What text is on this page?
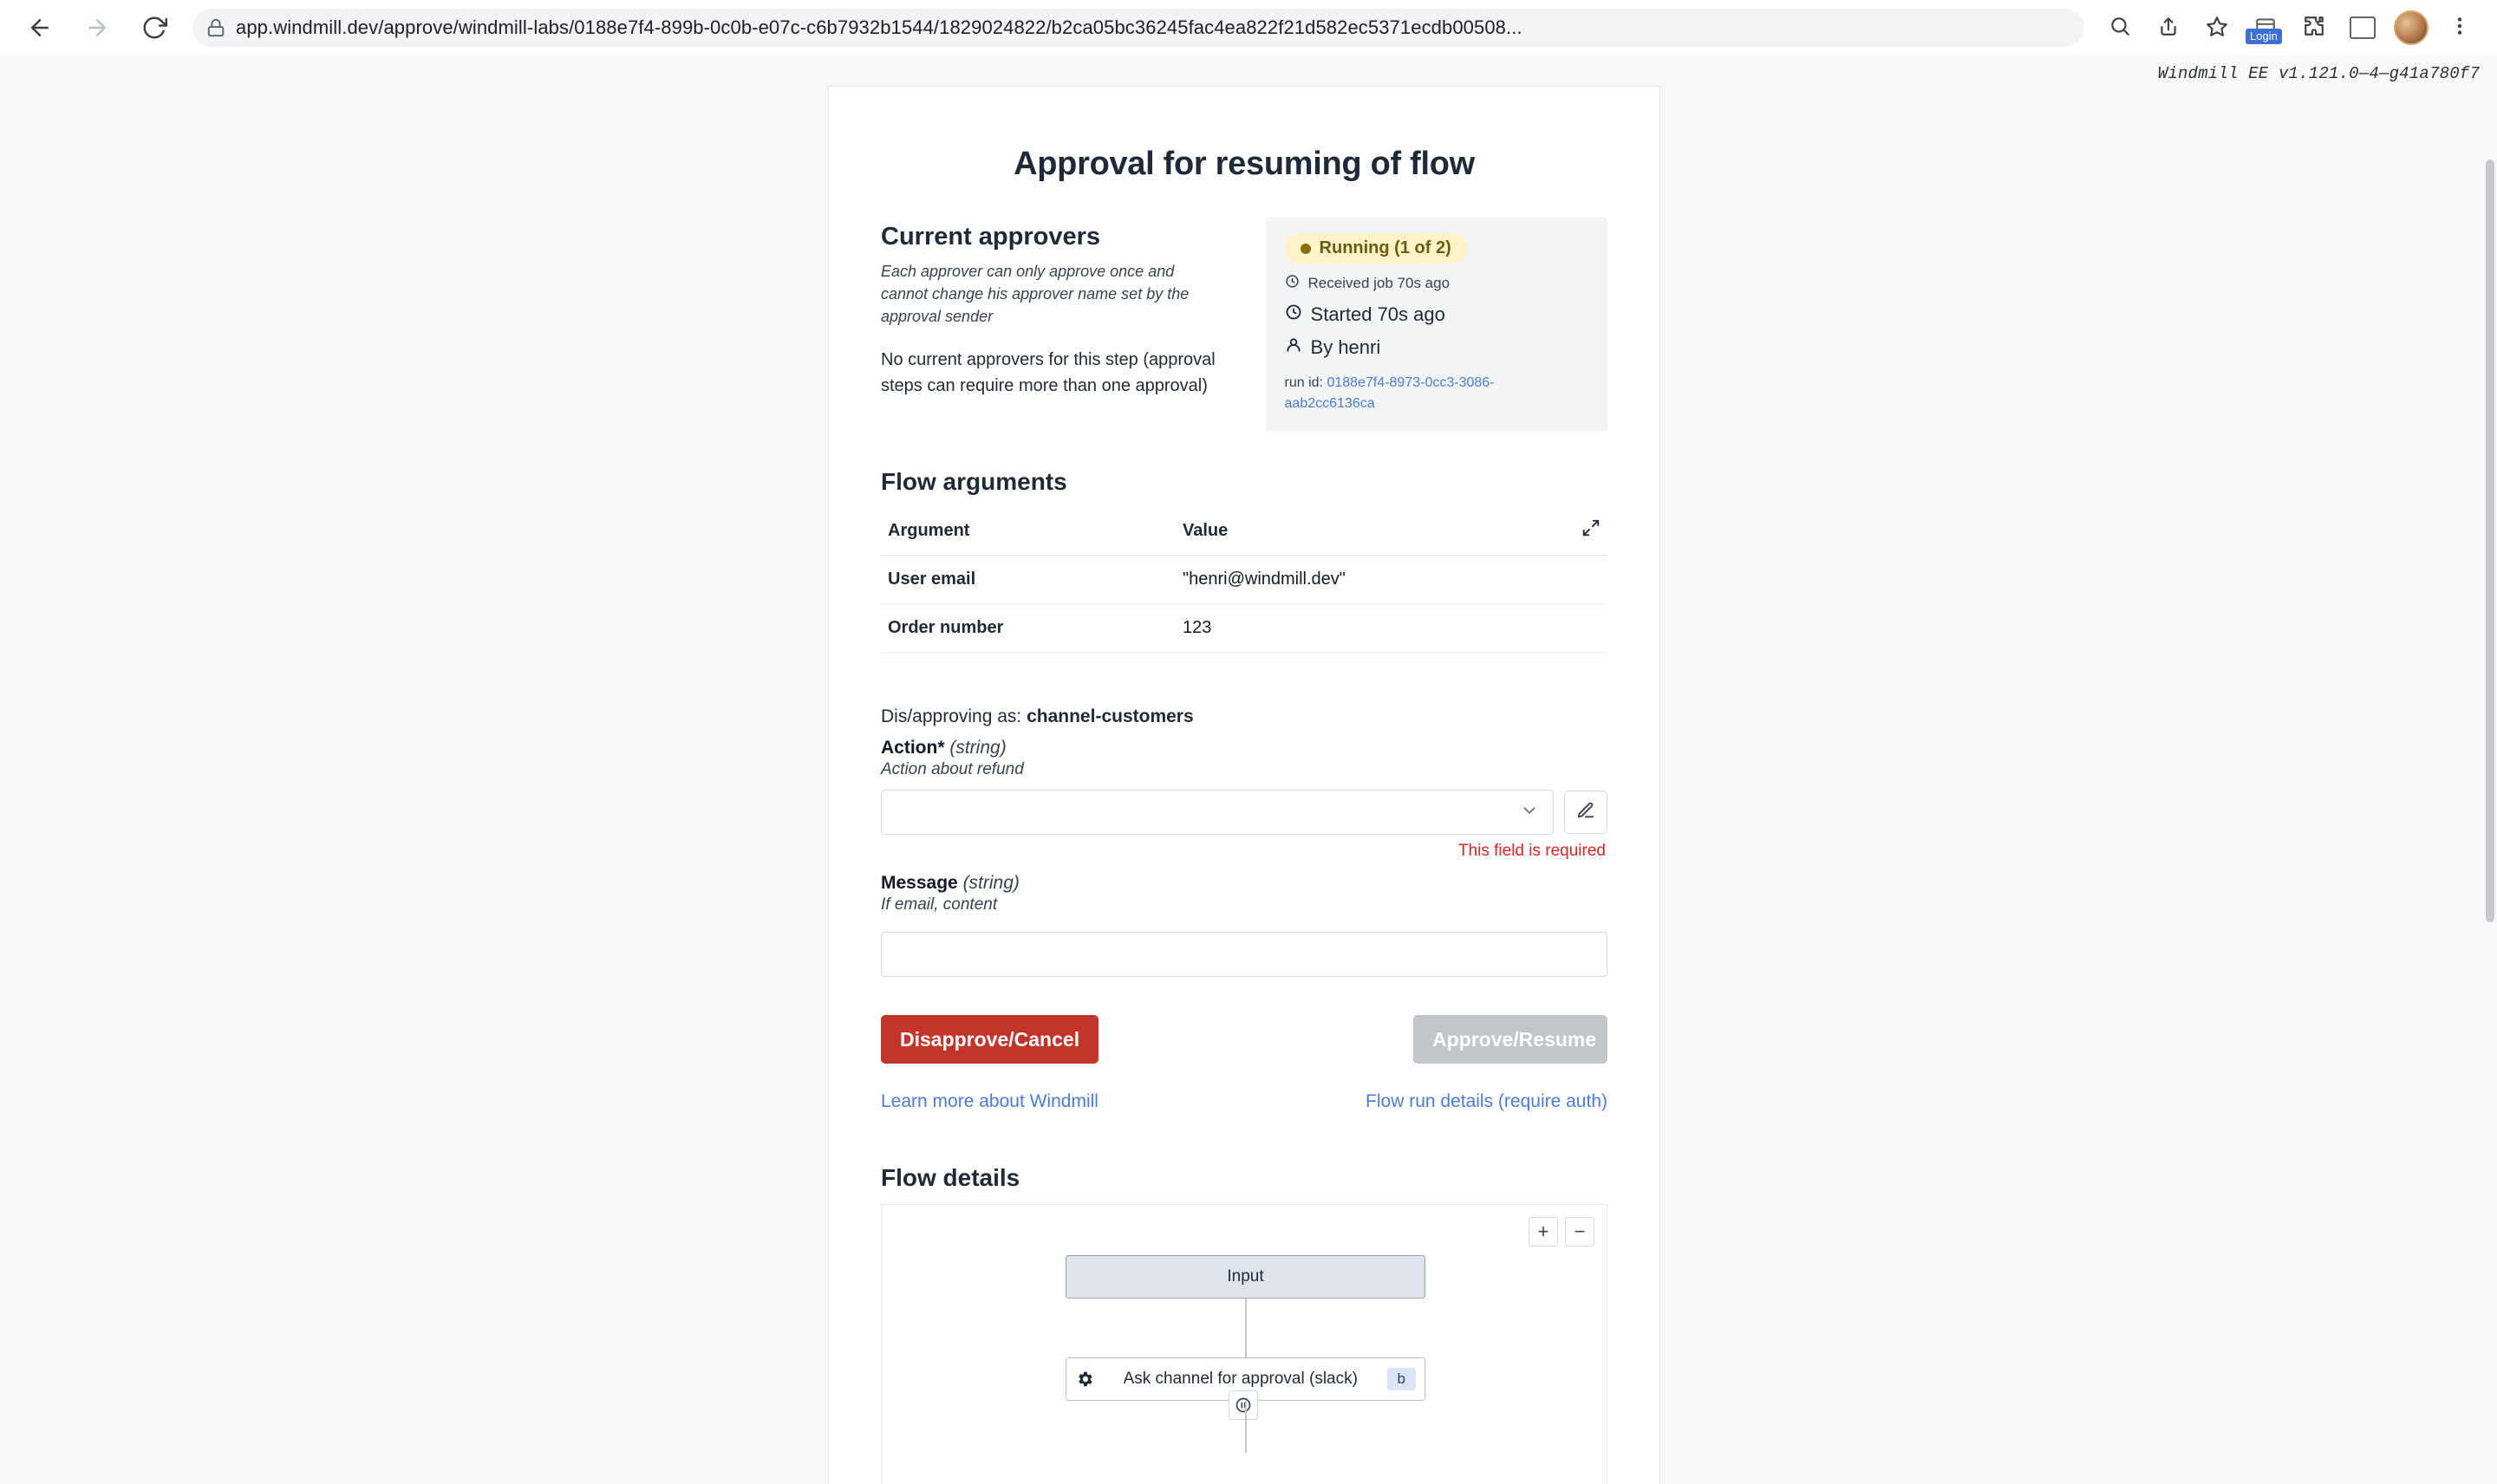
app.windmill.dev/approve/windmill-labs/0188e7f4-899b-0c0b-e07c-c6b7932b1544/1829024822/b2ca05bc36245fac4ea822f21d582ec5371ecdb00508...	Login
Windmill EE v1.121.0—4—g41a780f7
Approval for resuming of flow
Current approvers

Each approver can only approve once and cannot change his approver name set by the approval sender

No current approvers for this step (approval steps can require more than one approval)

Running (1 of 2)
Received job 70s ago
Started 70s ago
By henri
run id: 0188e7f4-8973-0cc3-3086-aab2cc6136ca
Flow arguments
Argument	Value	
User email	"henri@windmill.dev"	
Order number	123	
Dis/approving as: channel-customers
Action* (string)
Action about refund
This field is required
Message (string)
If email, content
Disapprove/Cancel	Approve/Resume
Learn more about Windmill	Flow run details (require auth)
Flow details
+	−
Input
Ask channel for approval (slack)	b
